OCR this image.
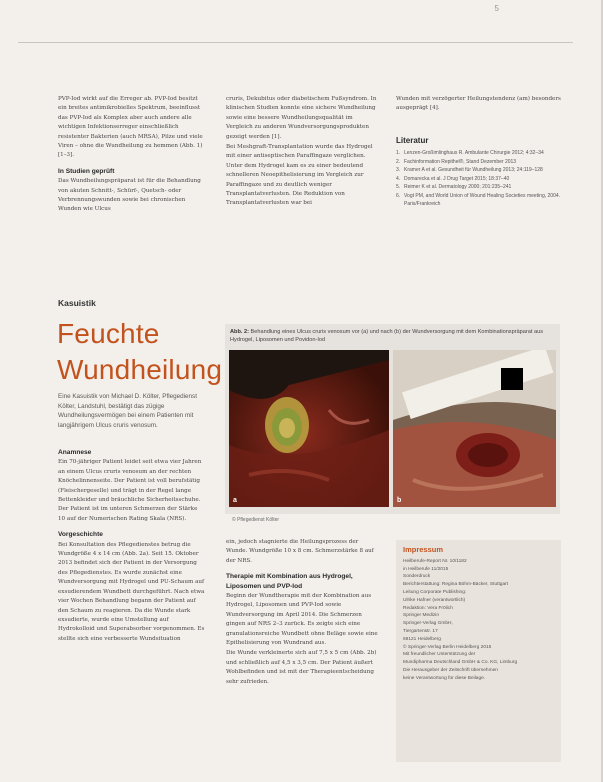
5

PVP-Iod wirkt auf die Erreger ab. PVP-Iod besitzt ein breites antimikrobielles Spektrum, beeinflusst das PVP-Iod als Komplex aber auch andere alle wichtigen Infektionserreger einschließlich resistenter Bakterien (auch MRSA), Pilze und viele Viren – ohne die Wundheilung zu hemmen (Abb. 1) [1–3].

In Studien geprüft

Das Wundheilungspräparat ist für die Behandlung von akuten Schnitt-, Schürf-, Quetsch- oder Verbrennungswunden sowie bei chronischen Wunden wie Ulcus

cruris, Dekubitus oder diabetischem Fußsyndrom. In klinischen Studien konnte eine sichere Wundheilung sowie eine bessere Wundheilungsqualität im Vergleich zu anderen Wundversorgungsprodukten gezeigt werden [1].

Bei Meshgraft-Transplantation wurde das Hydrogel mit einer antiseptischen Paraffingaze verglichen. Unter dem Hydrogel kam es zu einer bedeutend schnelleren Neoepithelisierung im Vergleich zur Paraffingaze und zu deutlich weniger Transplantatverlusten. Die Reduktion von Transplantatverlusten war bei

Wunden mit verzögerter Heilungstendenz (am) besonders ausgeprägt [4].

Literatur
1. Lenzen-Großimlinghaus R. Ambulante Chirurgie 2012; 4:32–34
2. Fachinformation Repithel®, Stand Dezember 2013
3. Kramer A et al. Gesundheit für Wundheilung 2013; 24:119–128
4. Domarecka et al. J Drug Target 2015; 18:37–40
5. Reimer K et al. Dermatology 2000; 201:235–241
6. Vogt PM, and World Union of Wound Healing Societies meeting, 2004. Paris/Frankreich
Kasuistik
Feuchte
Wundheilung
Eine Kasuistik von Michael D. Költer, Pflegedienst Költer, Landstuhl, bestätigt das zügige Wundheilungsvermögen bei einem Patienten mit langjährigem Ulcus cruris venosum.
Anamnese

Ein 70-jähriger Patient leidet seit etwa vier Jahren an einem Ulcus cruris venosum an der rechten Knöchelinnenseite. Der Patient ist voll berufstätig (Fleischergeselle) und trägt in der Regel lange Bettenkleider und bräuchliche Sicherheitsschuhe. Der Patient ist im unteren Schmerzen der Stärke 10 auf der Numerischen Rating Skala (NRS).

Vorgeschichte

Bei Konsultation des Pflegedienstes betrug die Wundgröße 4 x 14 cm (Abb. 2a). Seit 15. Oktober 2013 befindet sich der Patient in der Versorgung des Pflegedienstes. Es wurde zunächst eine Wundversorgung mit Hydrogel und PU-Schaum auf exsudierendem Wundbett durchgeführt. Nach etwa vier Wochen Behandlung begann der Patient auf den Schaum zu reagieren. Da die Wunde stark exsudierte, wurde eine Umstellung auf Hydrokolloid und Superabsorber vorgenommen. Es stellte sich eine verbesserte Wundsituation

ein, jedoch stagnierte die Heilungsprozess der Wunde. Wundgröße 10 x 8 cm. Schmerzstärke 8 auf der NRS.

Therapie mit Kombination aus Hydrogel, Liposomen und PVP-Iod

Beginn der Wundtherapie mit der Kombination aus Hydrogel, Liposomen und PVP-Iod sowie Wundversorgung im April 2014. Die Schmerzen gingen auf NRS 2–3 zurück. Es zeigte sich eine granulationsreiche Wundbett ohne Beläge sowie eine Epithelisierung von Wundrand aus.

Die Wunde verkleinerte sich auf 7,5 x 5 cm (Abb. 2b) und schließlich auf 4,5 x 3,5 cm. Der Patient äußert Wohlbefinden und ist mit der Therapieentscheidung sehr zufrieden.

Abb. 2: Behandlung eines Ulcus cruris venosum vor (a) und nach (b) der Wundversorgung mit dem Kombinationspräparat aus Hydrogel, Liposomen und Povidon-Iod
a	b
© Pflegedienst Költer
Impressum
Heilberufe-Report Nr. 10/1182
in Heilberufe 11/2015
Sonderdruck
Berichterstattung: Regina Böhm-Bäcker, Stuttgart
Leitung Corporate Publishing:
Ulrike Hafner (verantwortlich)
Redaktion: Vera Frölich
Springer Medizin
Springer-Verlag GmbH,
Tiergartenstr. 17
69121 Heidelberg
© Springer-Verlag Berlin Heidelberg 2015
Mit freundlicher Unterstützung der
Mundipharma Deutschland GmbH & Co. KG, Limburg
Die Herausgeber der Zeitschrift übernehmen
keine Verantwortung für diese Beilage.
